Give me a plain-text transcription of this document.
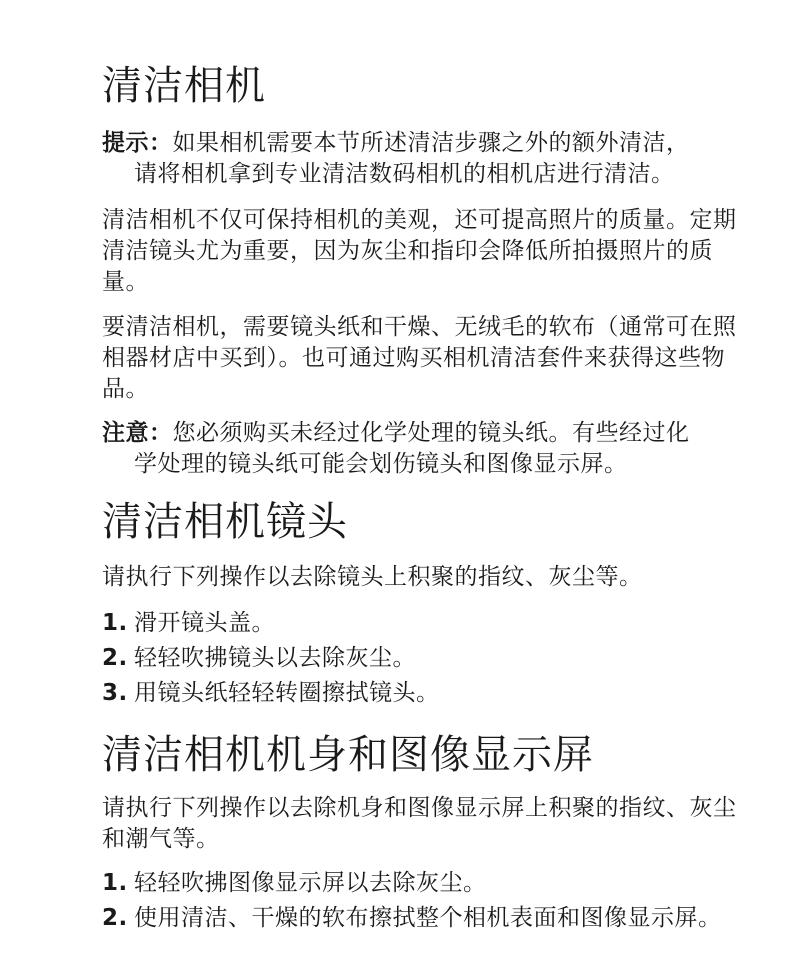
清洁相机
提示：如果相机需要本节所述清洁步骤之外的额外清洁，
请将相机拿到专业清洁数码相机的相机店进行清洁。
清洁相机不仅可保持相机的美观，还可提高照片的质量。定期清洁镜头尤为重要，因为灰尘和指印会降低所拍摄照片的质量。
要清洁相机，需要镜头纸和干燥、无绒毛的软布（通常可在照相器材店中买到）。也可通过购买相机清洁套件来获得这些物品。
注意：您必须购买未经过化学处理的镜头纸。有些经过化
学处理的镜头纸可能会划伤镜头和图像显示屏。
清洁相机镜头
请执行下列操作以去除镜头上积聚的指纹、灰尘等。
1. 滑开镜头盖。
2. 轻轻吹拂镜头以去除灰尘。
3. 用镜头纸轻轻转圈擦拭镜头。
清洁相机机身和图像显示屏
请执行下列操作以去除机身和图像显示屏上积聚的指纹、灰尘和潮气等。
1. 轻轻吹拂图像显示屏以去除灰尘。
2. 使用清洁、干燥的软布擦拭整个相机表面和图像显示屏。
